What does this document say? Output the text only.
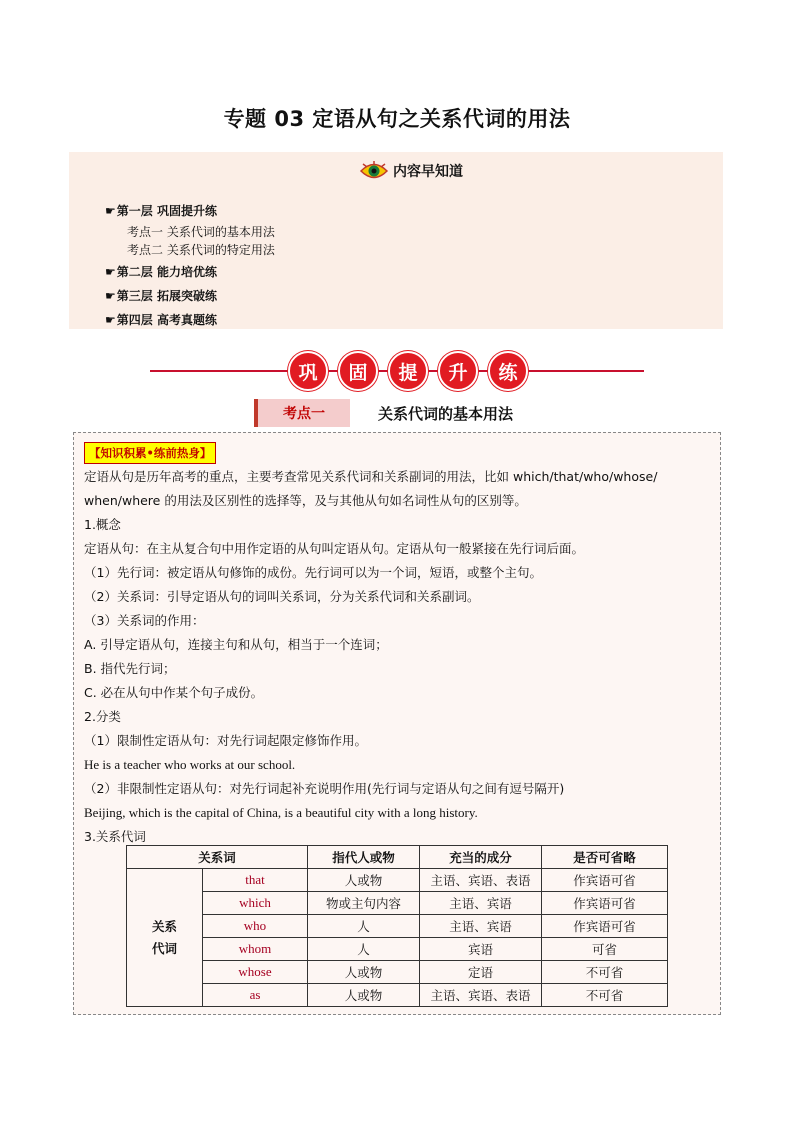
专题 03 定语从句之关系代词的用法
内容早知道
☛第一层 巩固提升练
考点一 关系代词的基本用法
考点二 关系代词的特定用法
☛第二层 能力培优练
☛第三层 拓展突破练
☛第四层 高考真题练
巩	固	提	升	练
考点一	关系代词的基本用法
【知识积累•练前热身】
定语从句是历年高考的重点，主要考查常见关系代词和关系副词的用法，比如 which/that/who/whose/
when/where 的用法及区别性的选择等，及与其他从句如名词性从句的区别等。
1.概念
定语从句：在主从复合句中用作定语的从句叫定语从句。定语从句一般紧接在先行词后面。
（1）先行词：被定语从句修饰的成份。先行词可以为一个词，短语，或整个主句。
（2）关系词：引导定语从句的词叫关系词，分为关系代词和关系副词。
（3）关系词的作用：
A. 引导定语从句，连接主句和从句，相当于一个连词；
B. 指代先行词；
C. 必在从句中作某个句子成份。
2.分类
（1）限制性定语从句：对先行词起限定修饰作用。
He is a teacher who works at our school.
（2）非限制性定语从句：对先行词起补充说明作用(先行词与定语从句之间有逗号隔开)
Beijing, which is the capital of China, is a beautiful city with a long history.
3.关系代词
关系词		指代人或物	充当的成分	是否可省略
关系
代词	that	人或物	主语、宾语、表语	作宾语可省
	which	物或主句内容	主语、宾语	作宾语可省
	who	人	主语、宾语	作宾语可省
	whom	人	宾语	可省
	whose	人或物	定语	不可省
	as	人或物	主语、宾语、表语	不可省
